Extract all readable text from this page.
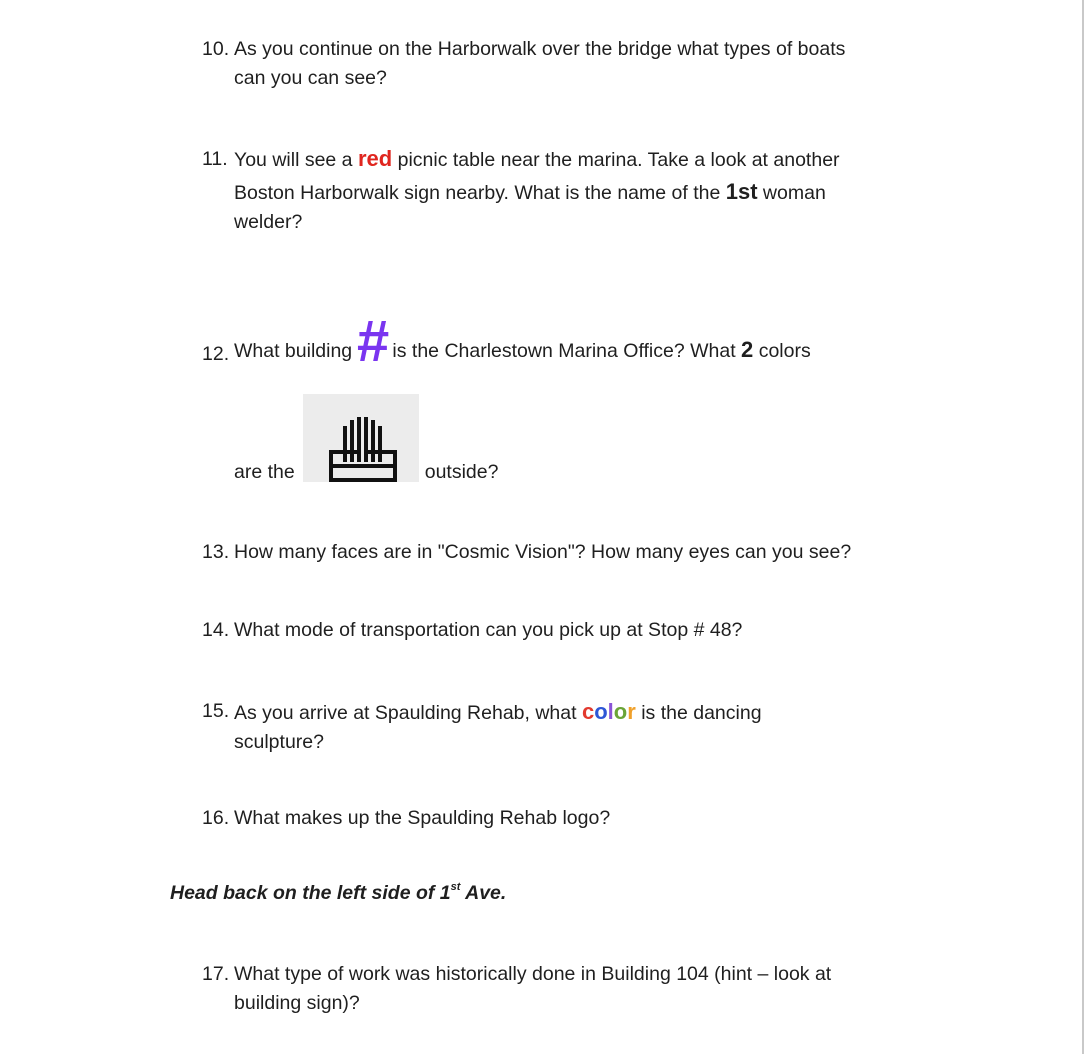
10. As you continue on the Harborwalk over the bridge what types of boats
can you can see?
11. You will see a red picnic table near the marina. Take a look at another
Boston Harborwalk sign nearby. What is the name of the 1st woman
welder?
12. What building# is the Charlestown Marina Office? What 2 colors
are the	outside?
13. How many faces are in "Cosmic Vision"? How many eyes can you see?
14. What mode of transportation can you pick up at Stop # 48?
15. As you arrive at Spaulding Rehab, what color is the dancing
sculpture?
16. What makes up the Spaulding Rehab logo?
Head back on the left side of 1st Ave.
17. What type of work was historically done in Building 104 (hint – look at
building sign)?
